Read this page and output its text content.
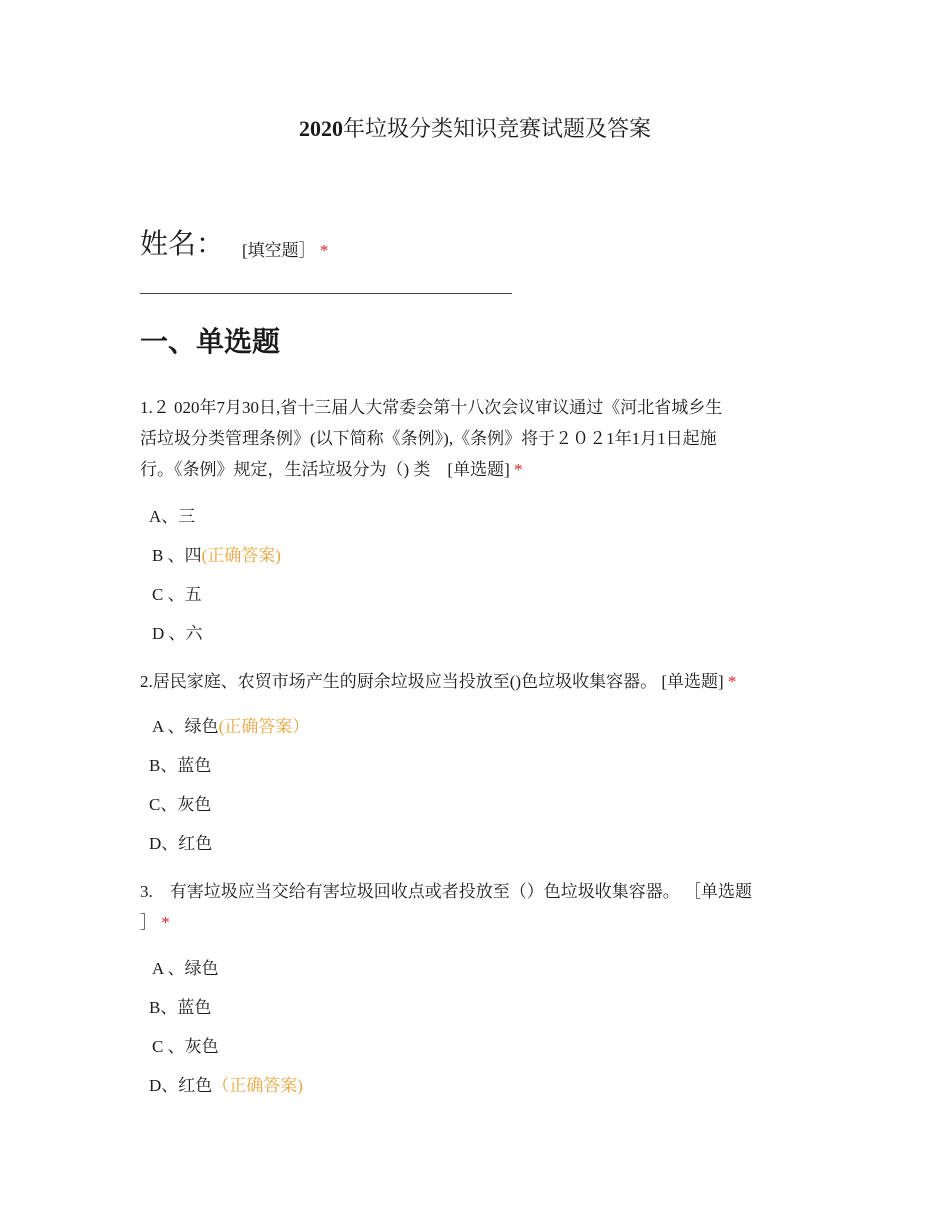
2020年垃圾分类知识竞赛试题及答案
姓名： [填空题］ *
一、单选题
1.２ 020年7月30日,省十三届人大常委会第十八次会议审议通过《河北省城乡生
活垃圾分类管理条例》(以下简称《条例》),《条例》将于２０２1年1月1日起施
行。《条例》规定，生活垃圾分为（) 类　[单选题] *
A、三
B 、四(正确答案)
C 、五
D 、六
2.居民家庭、农贸市场产生的厨余垃圾应当投放至()色垃圾收集容器。 [单选题] *
A 、绿色(正确答案）
B、蓝色
C、灰色
D、红色
3.　有害垃圾应当交给有害垃圾回收点或者投放至（）色垃圾收集容器。 ［单选题
］ *
A 、绿色
B、蓝色
C 、灰色
D、红色（正确答案)
